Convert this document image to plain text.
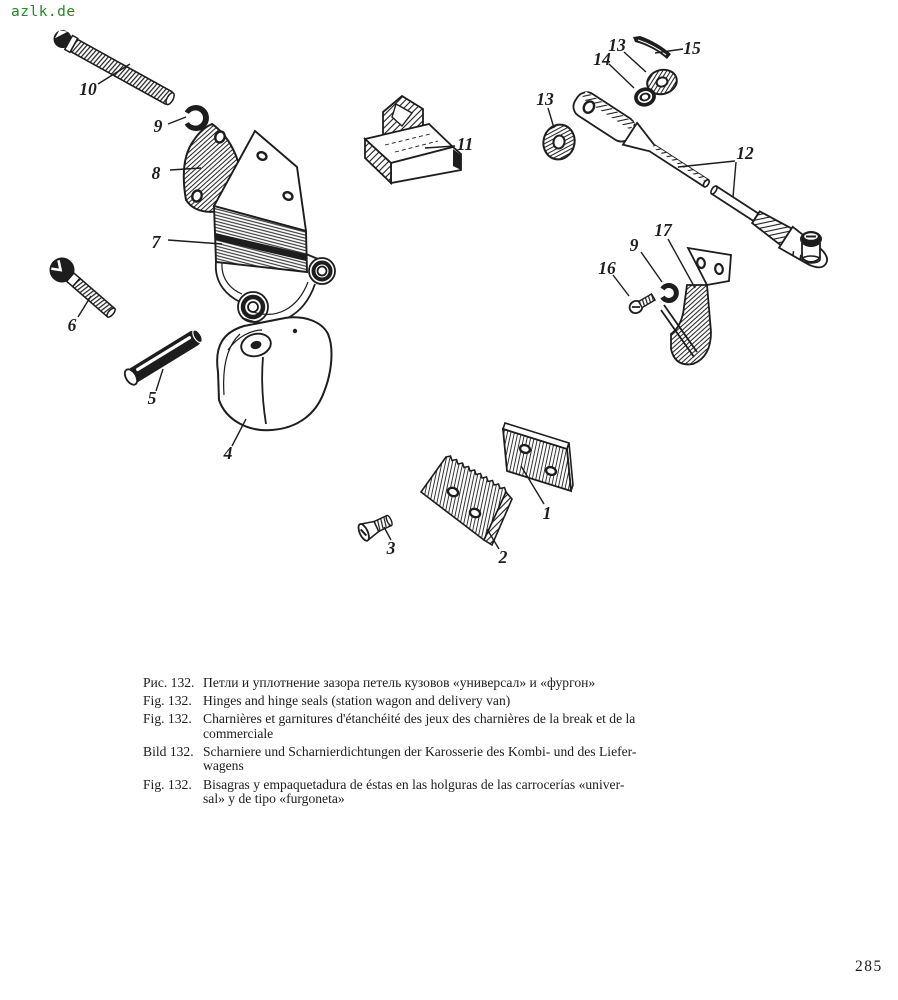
azlk.de
10
9
8
7
6
5
4
11
13
13
14
15
12
17
9
16
1
2
3
Рис. 132. Петли и уплотнение зазора петель кузовов «универсал» и «фургон»
Fig. 132. Hinges and hinge seals (station wagon and delivery van)
Fig. 132. Charnières et garnitures d'étanchéité des jeux des charnières de la break et de la
commerciale
Bild 132. Scharniere und Scharnierdichtungen der Karosserie des Kombi- und des Liefer-
wagens
Fig. 132. Bisagras y empaquetadura de éstas en las holguras de las carrocerías «univer-
sal» y de tipo «furgoneta»
285
